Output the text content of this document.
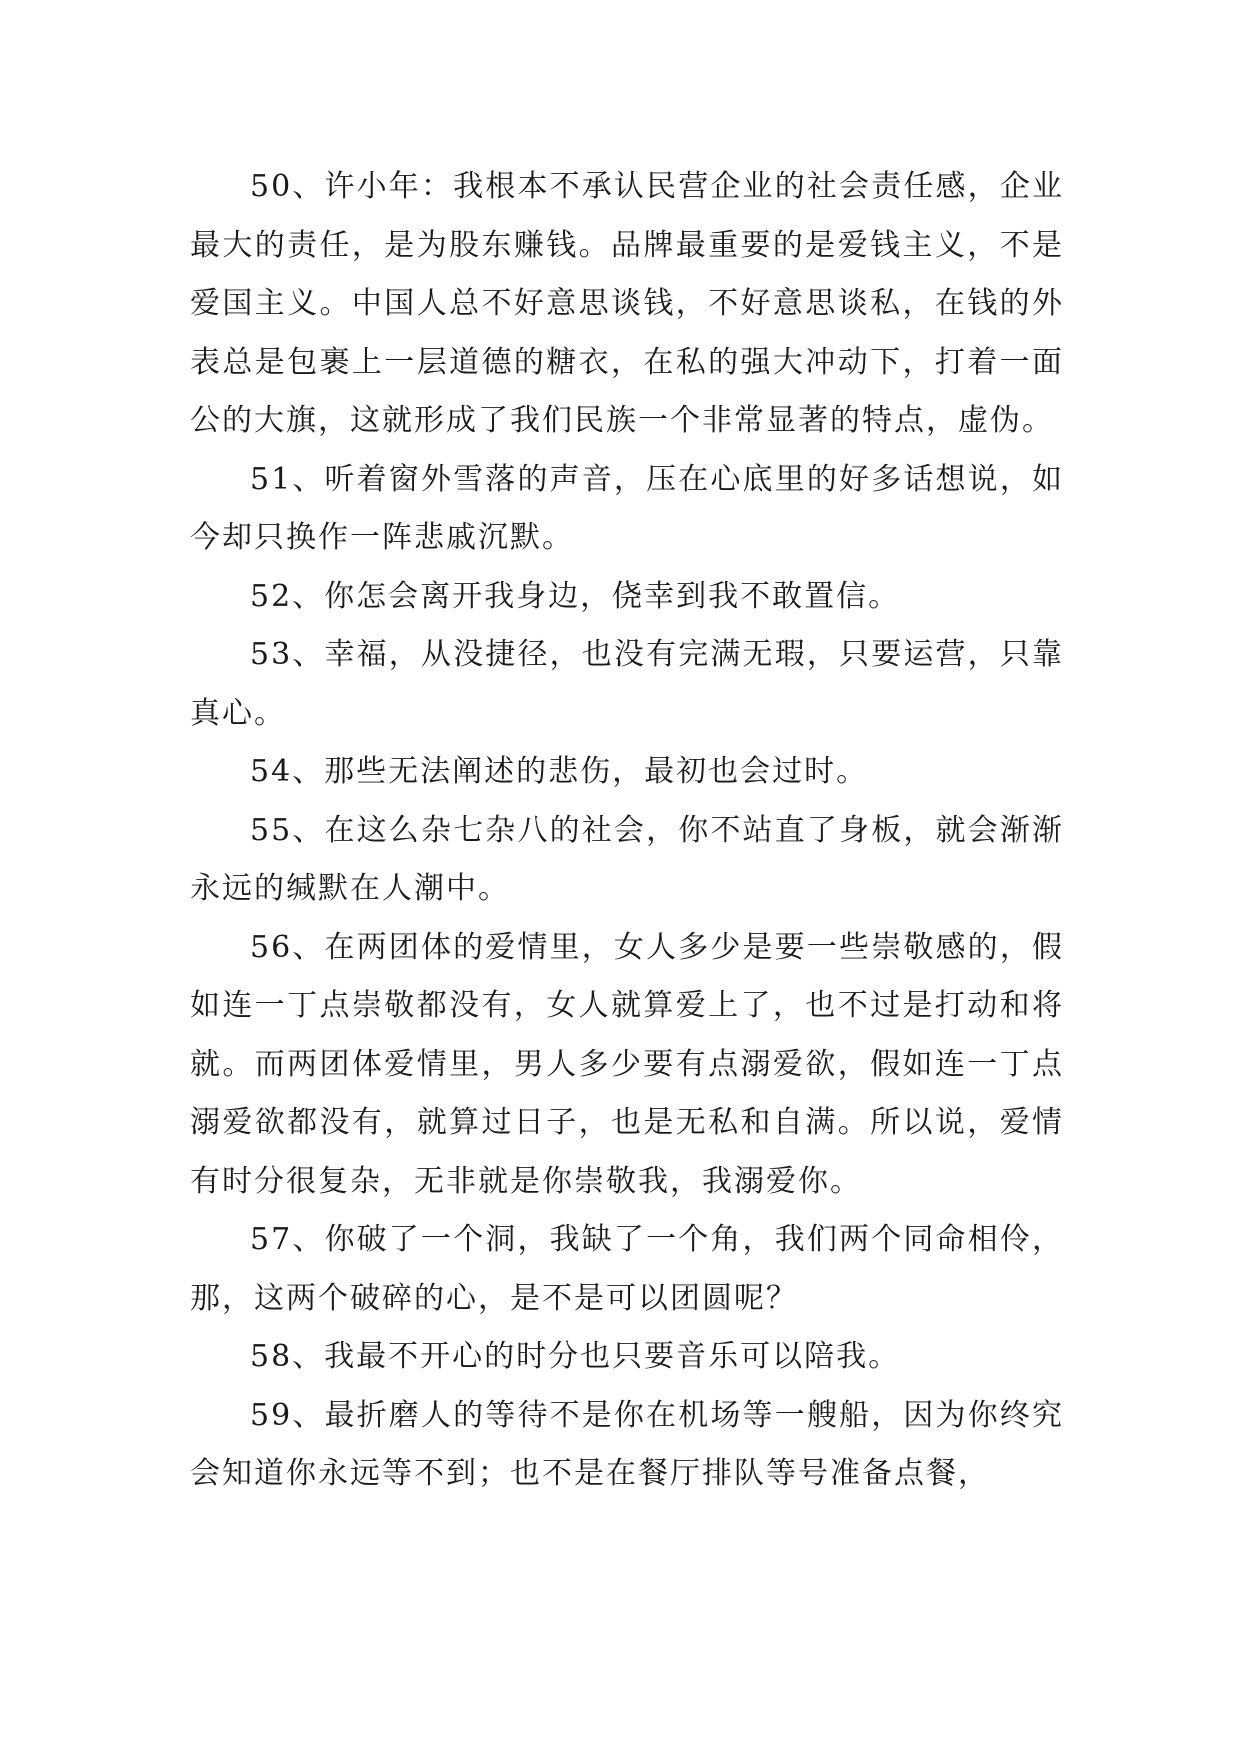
50、许小年：我根本不承认民营企业的社会责任感，企业最大的责任，是为股东赚钱。品牌最重要的是爱钱主义，不是爱国主义。中国人总不好意思谈钱，不好意思谈私，在钱的外表总是包裹上一层道德的糖衣，在私的强大冲动下，打着一面公的大旗，这就形成了我们民族一个非常显著的特点，虚伪。

51、听着窗外雪落的声音，压在心底里的好多话想说，如今却只换作一阵悲戚沉默。

52、你怎会离开我身边，侥幸到我不敢置信。

53、幸福，从没捷径，也没有完满无瑕，只要运营，只靠真心。

54、那些无法阐述的悲伤，最初也会过时。

55、在这么杂七杂八的社会，你不站直了身板，就会渐渐永远的缄默在人潮中。

56、在两团体的爱情里，女人多少是要一些崇敬感的，假如连一丁点崇敬都没有，女人就算爱上了，也不过是打动和将就。而两团体爱情里，男人多少要有点溺爱欲，假如连一丁点溺爱欲都没有，就算过日子，也是无私和自满。所以说，爱情有时分很复杂，无非就是你崇敬我，我溺爱你。

57、你破了一个洞，我缺了一个角，我们两个同命相伶，那，这两个破碎的心，是不是可以团圆呢？

58、我最不开心的时分也只要音乐可以陪我。

59、最折磨人的等待不是你在机场等一艘船，因为你终究会知道你永远等不到；也不是在餐厅排队等号准备点餐，
